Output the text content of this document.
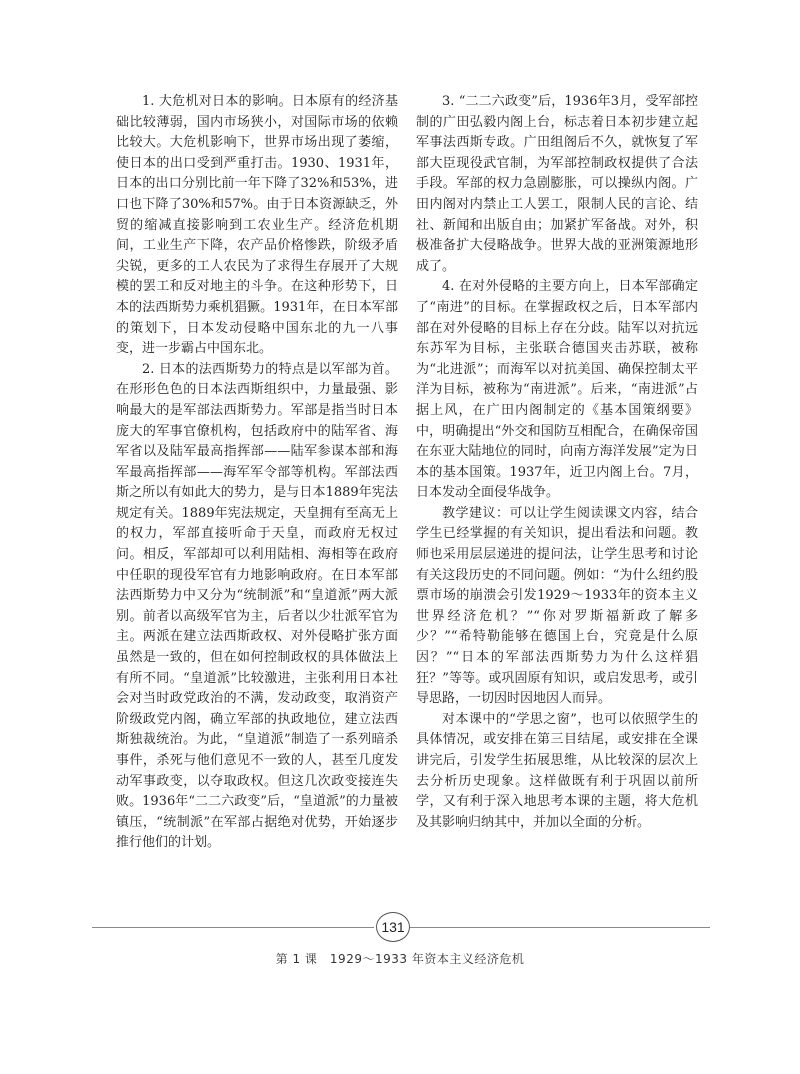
1. 大危机对日本的影响。日本原有的经济基础比较薄弱，国内市场狭小，对国际市场的依赖比较大。大危机影响下，世界市场出现了萎缩，使日本的出口受到严重打击。1930、1931年，日本的出口分别比前一年下降了32%和53%，进口也下降了30%和57%。由于日本资源缺乏，外贸的缩减直接影响到工农业生产。经济危机期间，工业生产下降，农产品价格惨跌，阶级矛盾尖锐，更多的工人农民为了求得生存展开了大规模的罢工和反对地主的斗争。在这种形势下，日本的法西斯势力乘机猖獗。1931年，在日本军部的策划下，日本发动侵略中国东北的九一八事变，进一步霸占中国东北。

2. 日本的法西斯势力的特点是以军部为首。在形形色色的日本法西斯组织中，力量最强、影响最大的是军部法西斯势力。军部是指当时日本庞大的军事官僚机构，包括政府中的陆军省、海军省以及陆军最高指挥部——陆军参谋本部和海军最高指挥部——海军军令部等机构。军部法西斯之所以有如此大的势力，是与日本1889年宪法规定有关。1889年宪法规定，天皇拥有至高无上的权力，军部直接听命于天皇，而政府无权过问。相反，军部却可以利用陆相、海相等在政府中任职的现役军官有力地影响政府。在日本军部法西斯势力中又分为“统制派”和“皇道派”两大派别。前者以高级军官为主，后者以少壮派军官为主。两派在建立法西斯政权、对外侵略扩张方面虽然是一致的，但在如何控制政权的具体做法上有所不同。“皇道派”比较激进，主张利用日本社会对当时政党政治的不满，发动政变，取消资产阶级政党内阁，确立军部的执政地位，建立法西斯独裁统治。为此，“皇道派”制造了一系列暗杀事件，杀死与他们意见不一致的人，甚至几度发动军事政变，以夺取政权。但这几次政变接连失败。1936年“二二六政变”后，“皇道派”的力量被镇压，“统制派”在军部占据绝对优势，开始逐步推行他们的计划。

3. “二二六政变”后，1936年3月，受军部控制的广田弘毅内阁上台，标志着日本初步建立起军事法西斯专政。广田组阁后不久，就恢复了军部大臣现役武官制，为军部控制政权提供了合法手段。军部的权力急剧膨胀，可以操纵内阁。广田内阁对内禁止工人罢工，限制人民的言论、结社、新闻和出版自由；加紧扩军备战。对外，积极准备扩大侵略战争。世界大战的亚洲策源地形成了。

4. 在对外侵略的主要方向上，日本军部确定了“南进”的目标。在掌握政权之后，日本军部内部在对外侵略的目标上存在分歧。陆军以对抗远东苏军为目标，主张联合德国夹击苏联，被称为“北进派”；而海军以对抗美国、确保控制太平洋为目标，被称为“南进派”。后来，“南进派”占据上风，在广田内阁制定的《基本国策纲要》中，明确提出“外交和国防互相配合，在确保帝国在东亚大陆地位的同时，向南方海洋发展”定为日本的基本国策。1937年，近卫内阁上台。7月，日本发动全面侵华战争。

教学建议：可以让学生阅读课文内容，结合学生已经掌握的有关知识，提出看法和问题。教师也采用层层递进的提问法，让学生思考和讨论有关这段历史的不同问题。例如：“为什么纽约股票市场的崩溃会引发1929～1933年的资本主义世界经济危机？”“你对罗斯福新政了解多少？”“希特勒能够在德国上台，究竟是什么原因？”“日本的军部法西斯势力为什么这样猖狂？”等等。或巩固原有知识，或启发思考，或引导思路，一切因时因地因人而异。

对本课中的“学思之窗”，也可以依照学生的具体情况，或安排在第三目结尾，或安排在全课讲完后，引发学生拓展思维，从比较深的层次上去分析历史现象。这样做既有利于巩固以前所学，又有利于深入地思考本课的主题，将大危机及其影响归纳其中，并加以全面的分析。

131
第 1 课　1929～1933 年资本主义经济危机
